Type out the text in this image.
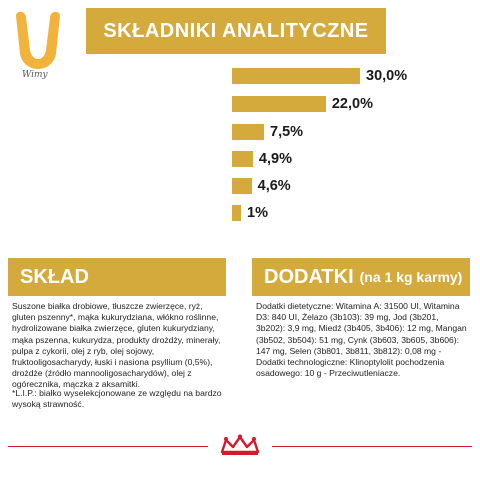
Wimy
SKŁADNIKI ANALITYCZNE
30,0%
22,0%
7,5%
4,9%
4,6%
1%
SKŁAD
Suszone białka drobiowe, tłuszcze zwierzęce, ryż, gluten pszenny*, mąka kukurydziana, włókno roślinne, hydrolizowane białka zwierzęce, gluten kukurydziany, mąka pszenna, kukurydza, produkty drożdży, minerały, pulpa z cykorii, olej z ryb, olej sojowy, fruktooligosacharydy, łuski i nasiona psyllium (0,5%), drożdże (źródło mannooligosacharydów), olej z ogórecznika, mączka z aksamitki.
*L.I.P.: białko wyselekcjonowane ze względu na bardzo wysoką strawność.
DODATKI (na 1 kg karmy)
Dodatki dietetyczne: Witamina A: 31500 UI, Witamina D3: 840 UI, Żelazo (3b103): 39 mg, Jod (3b201, 3b202): 3,9 mg, Miedź (3b405, 3b406): 12 mg, Mangan (3b502, 3b504): 51 mg, Cynk (3b603, 3b605, 3b606): 147 mg, Selen (3b801, 3b811, 3b812): 0,08 mg - Dodatki technologiczne: Klinoptylolit pochodzenia osadowego: 10 g - Przeciwutleniacze.
